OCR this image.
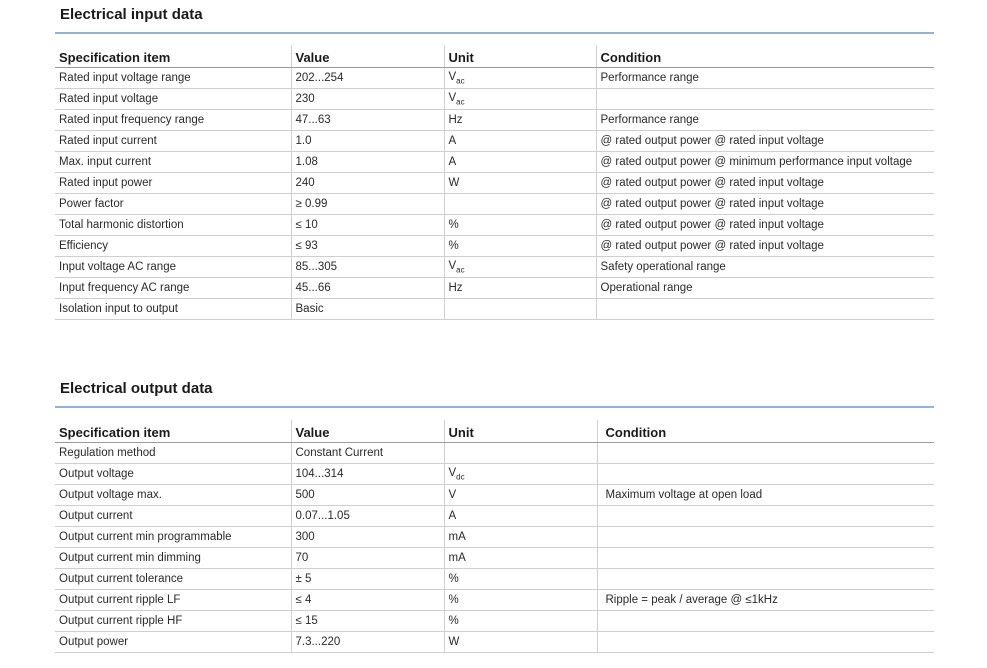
Electrical input data
Specification item	Value	Unit	Condition
Rated input voltage range	202...254	$V_{ac}$	Performance range
Rated input voltage	230	$V_{ac}$	
Rated input frequency range	47...63	Hz	Performance range
Rated input current	1.0	A	@ rated output power @ rated input voltage
Max. input current	1.08	A	@ rated output power @ minimum performance input voltage
Rated input power	240	W	@ rated output power @ rated input voltage
Power factor	≥ 0.99		@ rated output power @ rated input voltage
Total harmonic distortion	≤ 10	%	@ rated output power @ rated input voltage
Efficiency	≤ 93	%	@ rated output power @ rated input voltage
Input voltage AC range	85...305	$V_{ac}$	Safety operational range
Input frequency AC range	45...66	Hz	Operational range
Isolation input to output	Basic		
Electrical output data
Specification item	Value	Unit	Condition
Regulation method	Constant Current		
Output voltage	104...314	$V_{dc}$	
Output voltage max.	500	V	Maximum voltage at open load
Output current	0.07...1.05	A	
Output current min programmable	300	mA	
Output current min dimming	70	mA	
Output current tolerance	± 5	%	
Output current ripple LF	≤ 4	%	Ripple = peak / average @ ≤1kHz
Output current ripple HF	≤ 15	%	
Output power	7.3...220	W	
